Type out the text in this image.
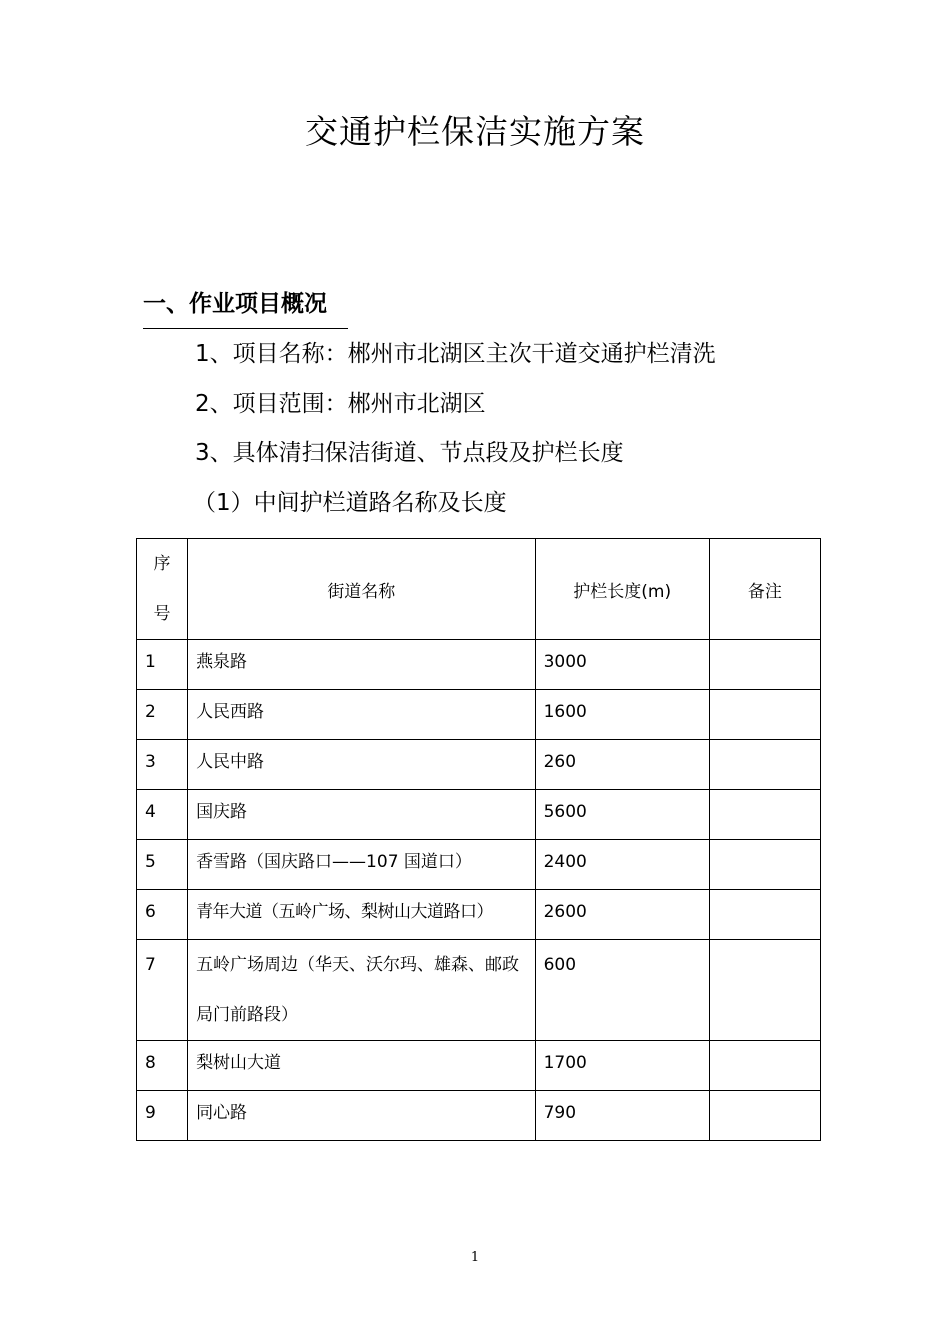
交通护栏保洁实施方案
一、作业项目概况
1、项目名称：郴州市北湖区主次干道交通护栏清洗
2、项目范围：郴州市北湖区
3、具体清扫保洁街道、节点段及护栏长度
（1）中间护栏道路名称及长度
序
号	街道名称	护栏长度(m)	备注
1	燕泉路	3000	
2	人民西路	1600	
3	人民中路	260	
4	国庆路	5600	
5	香雪路（国庆路口——107 国道口）	2400	
6	青年大道（五岭广场、梨树山大道路口）	2600	
7	五岭广场周边（华天、沃尔玛、雄森、邮政局门前路段）	600	
8	梨树山大道	1700	
9	同心路	790	
1
